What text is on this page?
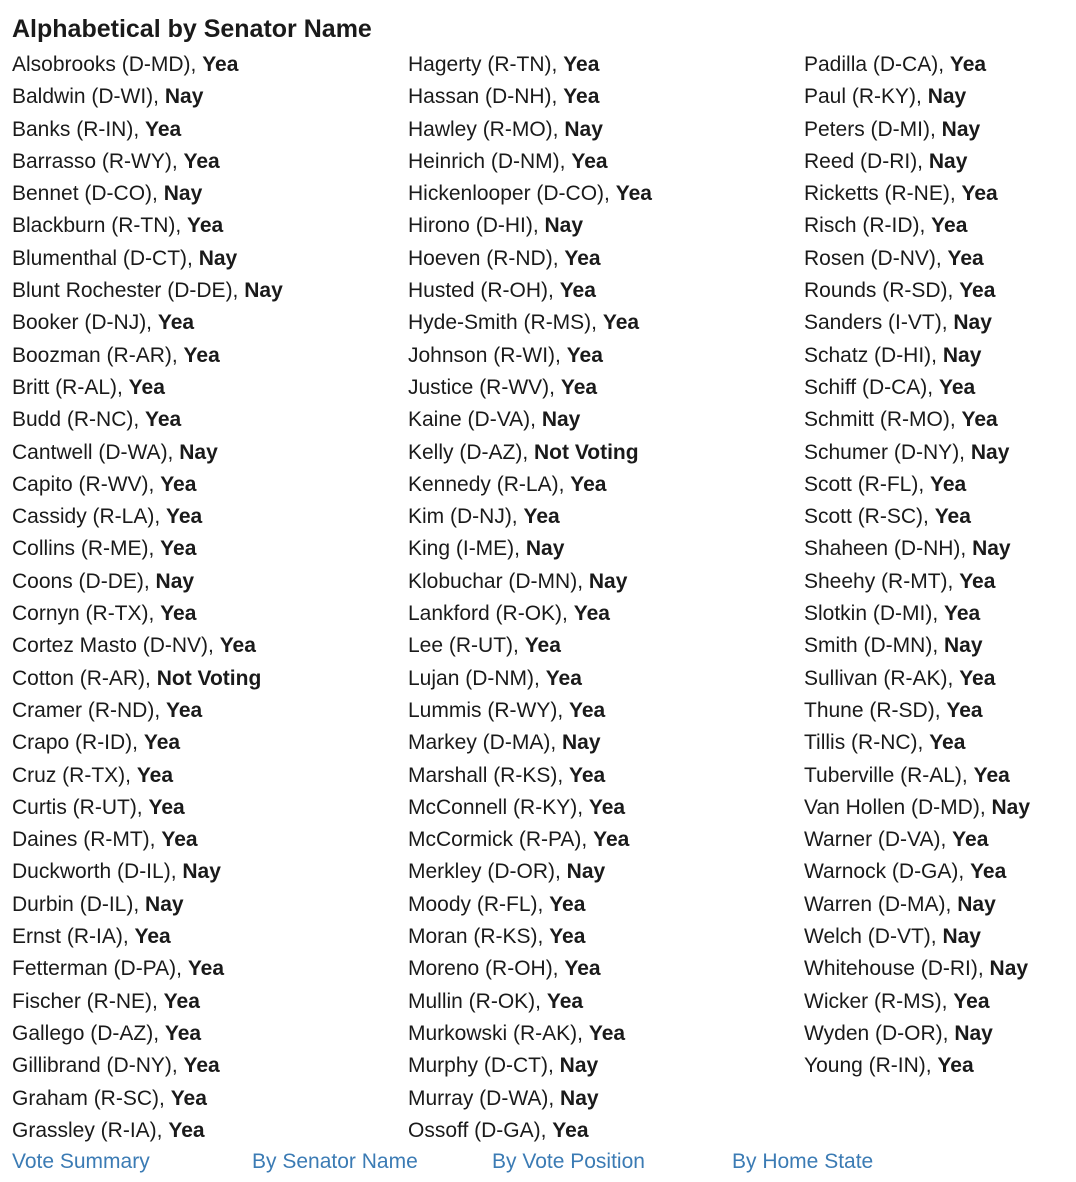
Alphabetical by Senator Name
Alsobrooks (D-MD), Yea
Baldwin (D-WI), Nay
Banks (R-IN), Yea
Barrasso (R-WY), Yea
Bennet (D-CO), Nay
Blackburn (R-TN), Yea
Blumenthal (D-CT), Nay
Blunt Rochester (D-DE), Nay
Booker (D-NJ), Yea
Boozman (R-AR), Yea
Britt (R-AL), Yea
Budd (R-NC), Yea
Cantwell (D-WA), Nay
Capito (R-WV), Yea
Cassidy (R-LA), Yea
Collins (R-ME), Yea
Coons (D-DE), Nay
Cornyn (R-TX), Yea
Cortez Masto (D-NV), Yea
Cotton (R-AR), Not Voting
Cramer (R-ND), Yea
Crapo (R-ID), Yea
Cruz (R-TX), Yea
Curtis (R-UT), Yea
Daines (R-MT), Yea
Duckworth (D-IL), Nay
Durbin (D-IL), Nay
Ernst (R-IA), Yea
Fetterman (D-PA), Yea
Fischer (R-NE), Yea
Gallego (D-AZ), Yea
Gillibrand (D-NY), Yea
Graham (R-SC), Yea
Grassley (R-IA), Yea
Hagerty (R-TN), Yea
Hassan (D-NH), Yea
Hawley (R-MO), Nay
Heinrich (D-NM), Yea
Hickenlooper (D-CO), Yea
Hirono (D-HI), Nay
Hoeven (R-ND), Yea
Husted (R-OH), Yea
Hyde-Smith (R-MS), Yea
Johnson (R-WI), Yea
Justice (R-WV), Yea
Kaine (D-VA), Nay
Kelly (D-AZ), Not Voting
Kennedy (R-LA), Yea
Kim (D-NJ), Yea
King (I-ME), Nay
Klobuchar (D-MN), Nay
Lankford (R-OK), Yea
Lee (R-UT), Yea
Lujan (D-NM), Yea
Lummis (R-WY), Yea
Markey (D-MA), Nay
Marshall (R-KS), Yea
McConnell (R-KY), Yea
McCormick (R-PA), Yea
Merkley (D-OR), Nay
Moody (R-FL), Yea
Moran (R-KS), Yea
Moreno (R-OH), Yea
Mullin (R-OK), Yea
Murkowski (R-AK), Yea
Murphy (D-CT), Nay
Murray (D-WA), Nay
Ossoff (D-GA), Yea
Padilla (D-CA), Yea
Paul (R-KY), Nay
Peters (D-MI), Nay
Reed (D-RI), Nay
Ricketts (R-NE), Yea
Risch (R-ID), Yea
Rosen (D-NV), Yea
Rounds (R-SD), Yea
Sanders (I-VT), Nay
Schatz (D-HI), Nay
Schiff (D-CA), Yea
Schmitt (R-MO), Yea
Schumer (D-NY), Nay
Scott (R-FL), Yea
Scott (R-SC), Yea
Shaheen (D-NH), Nay
Sheehy (R-MT), Yea
Slotkin (D-MI), Yea
Smith (D-MN), Nay
Sullivan (R-AK), Yea
Thune (R-SD), Yea
Tillis (R-NC), Yea
Tuberville (R-AL), Yea
Van Hollen (D-MD), Nay
Warner (D-VA), Yea
Warnock (D-GA), Yea
Warren (D-MA), Nay
Welch (D-VT), Nay
Whitehouse (D-RI), Nay
Wicker (R-MS), Yea
Wyden (D-OR), Nay
Young (R-IN), Yea
Vote Summary	By Senator Name	By Vote Position	By Home State
